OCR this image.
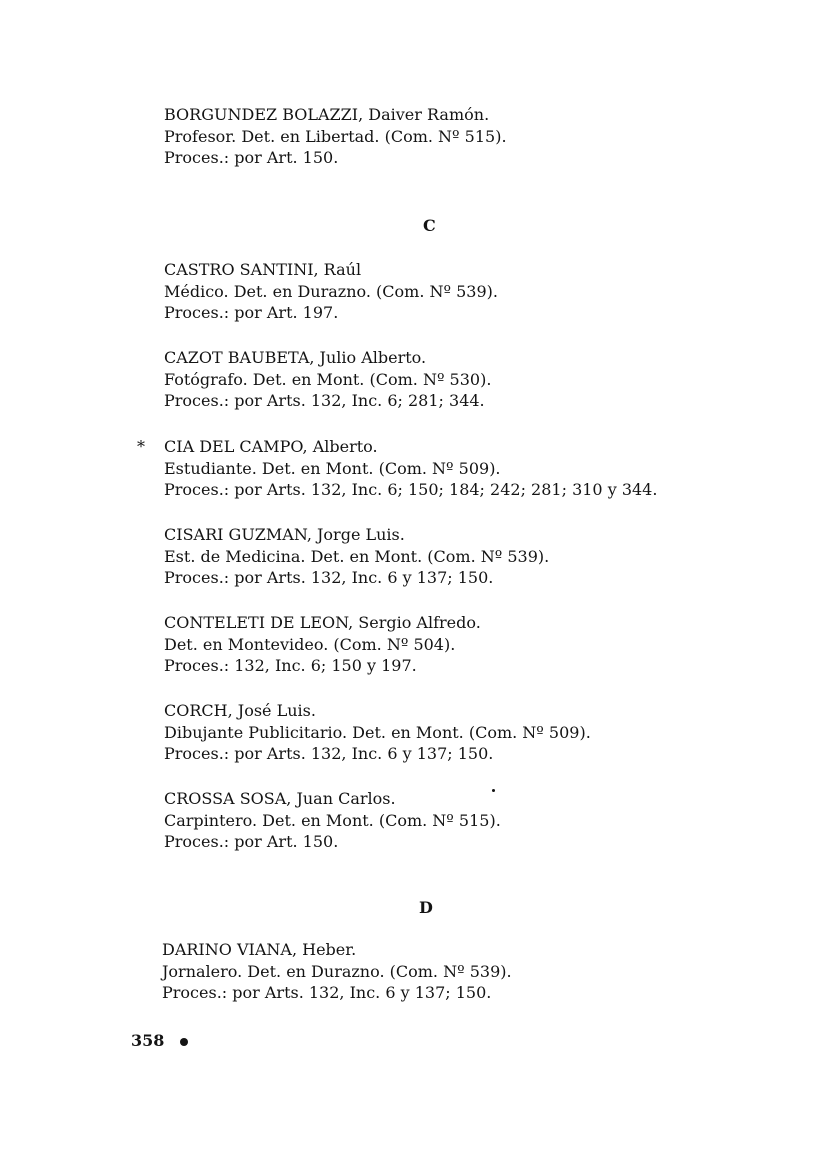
BORGUNDEZ BOLAZZI, Daiver Ramón.
Profesor. Det. en Libertad. (Com. Nº 515).
Proces.: por Art. 150.
C
CASTRO SANTINI, Raúl
Médico. Det. en Durazno. (Com. Nº 539).
Proces.: por Art. 197.
CAZOT BAUBETA, Julio Alberto.
Fotógrafo. Det. en Mont. (Com. Nº 530).
Proces.: por Arts. 132, Inc. 6; 281; 344.
* CIA DEL CAMPO, Alberto.
Estudiante. Det. en Mont. (Com. Nº 509).
Proces.: por Arts. 132, Inc. 6; 150; 184; 242; 281; 310 y 344.
CISARI GUZMAN, Jorge Luis.
Est. de Medicina. Det. en Mont. (Com. Nº 539).
Proces.: por Arts. 132, Inc. 6 y 137; 150.
CONTELETI DE LEON, Sergio Alfredo.
Det. en Montevideo. (Com. Nº 504).
Proces.: 132, Inc. 6; 150 y 197.
CORCH, José Luis.
Dibujante Publicitario. Det. en Mont. (Com. Nº 509).
Proces.: por Arts. 132, Inc. 6 y 137; 150.
CROSSA SOSA, Juan Carlos.
Carpintero. Det. en Mont. (Com. Nº 515).
Proces.: por Art. 150.
D
DARINO VIANA, Heber.
Jornalero. Det. en Durazno. (Com. Nº 539).
Proces.: por Arts. 132, Inc. 6 y 137; 150.
358
